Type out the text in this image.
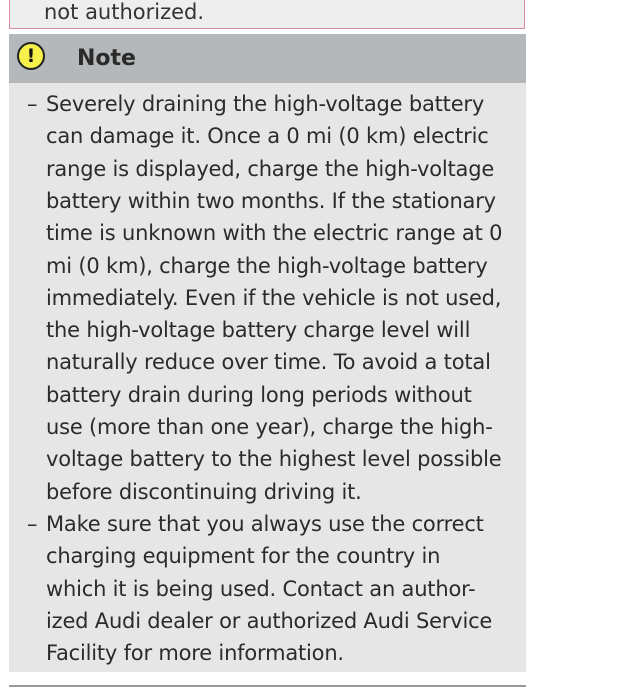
not authorized.
!	Note
– Severely draining the high-voltage battery
can damage it. Once a 0 mi (0 km) electric
range is displayed, charge the high-voltage
battery within two months. If the stationary
time is unknown with the electric range at 0
mi (0 km), charge the high-voltage battery
immediately. Even if the vehicle is not used,
the high-voltage battery charge level will
naturally reduce over time. To avoid a total
battery drain during long periods without
use (more than one year), charge the high-
voltage battery to the highest level possible
before discontinuing driving it.
– Make sure that you always use the correct
charging equipment for the country in
which it is being used. Contact an author-
ized Audi dealer or authorized Audi Service
Facility for more information.
